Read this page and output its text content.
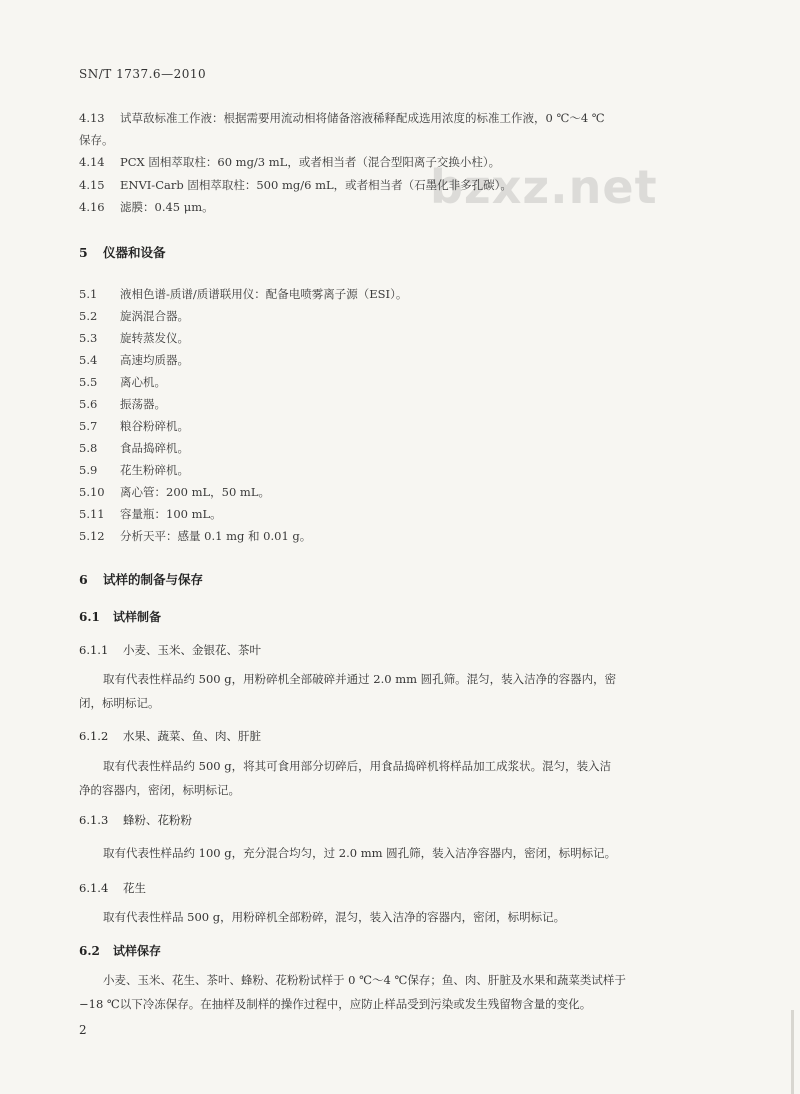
SN/T 1737.6—2010
bzxz.net
4.13 试草敌标准工作液：根据需要用流动相将储备溶液稀释配成选用浓度的标准工作液，0 ℃～4 ℃
保存。
4.14 PCX 固相萃取柱：60 mg/3 mL，或者相当者（混合型阳离子交换小柱）。
4.15 ENVI-Carb 固相萃取柱：500 mg/6 mL，或者相当者（石墨化非多孔碳）。
4.16 滤膜：0.45 μm。
5 仪器和设备
5.1 液相色谱-质谱/质谱联用仪：配备电喷雾离子源（ESI）。
5.2 旋涡混合器。
5.3 旋转蒸发仪。
5.4 高速均质器。
5.5 离心机。
5.6 振荡器。
5.7 粮谷粉碎机。
5.8 食品捣碎机。
5.9 花生粉碎机。
5.10 离心管：200 mL，50 mL。
5.11 容量瓶：100 mL。
5.12 分析天平：感量 0.1 mg 和 0.01 g。
6 试样的制备与保存
6.1 试样制备
6.1.1 小麦、玉米、金银花、茶叶
取有代表性样品约 500 g，用粉碎机全部破碎并通过 2.0 mm 圆孔筛。混匀，装入洁净的容器内，密
闭，标明标记。
6.1.2 水果、蔬菜、鱼、肉、肝脏
取有代表性样品约 500 g，将其可食用部分切碎后，用食品捣碎机将样品加工成浆状。混匀，装入洁
净的容器内，密闭，标明标记。
6.1.3 蜂粉、花粉粉
取有代表性样品约 100 g，充分混合均匀，过 2.0 mm 圆孔筛，装入洁净容器内，密闭，标明标记。
6.1.4 花生
取有代表性样品 500 g，用粉碎机全部粉碎，混匀，装入洁净的容器内，密闭，标明标记。
6.2 试样保存
小麦、玉米、花生、茶叶、蜂粉、花粉粉试样于 0 ℃～4 ℃保存；鱼、肉、肝脏及水果和蔬菜类试样于
−18 ℃以下冷冻保存。在抽样及制样的操作过程中，应防止样品受到污染或发生残留物含量的变化。
2
